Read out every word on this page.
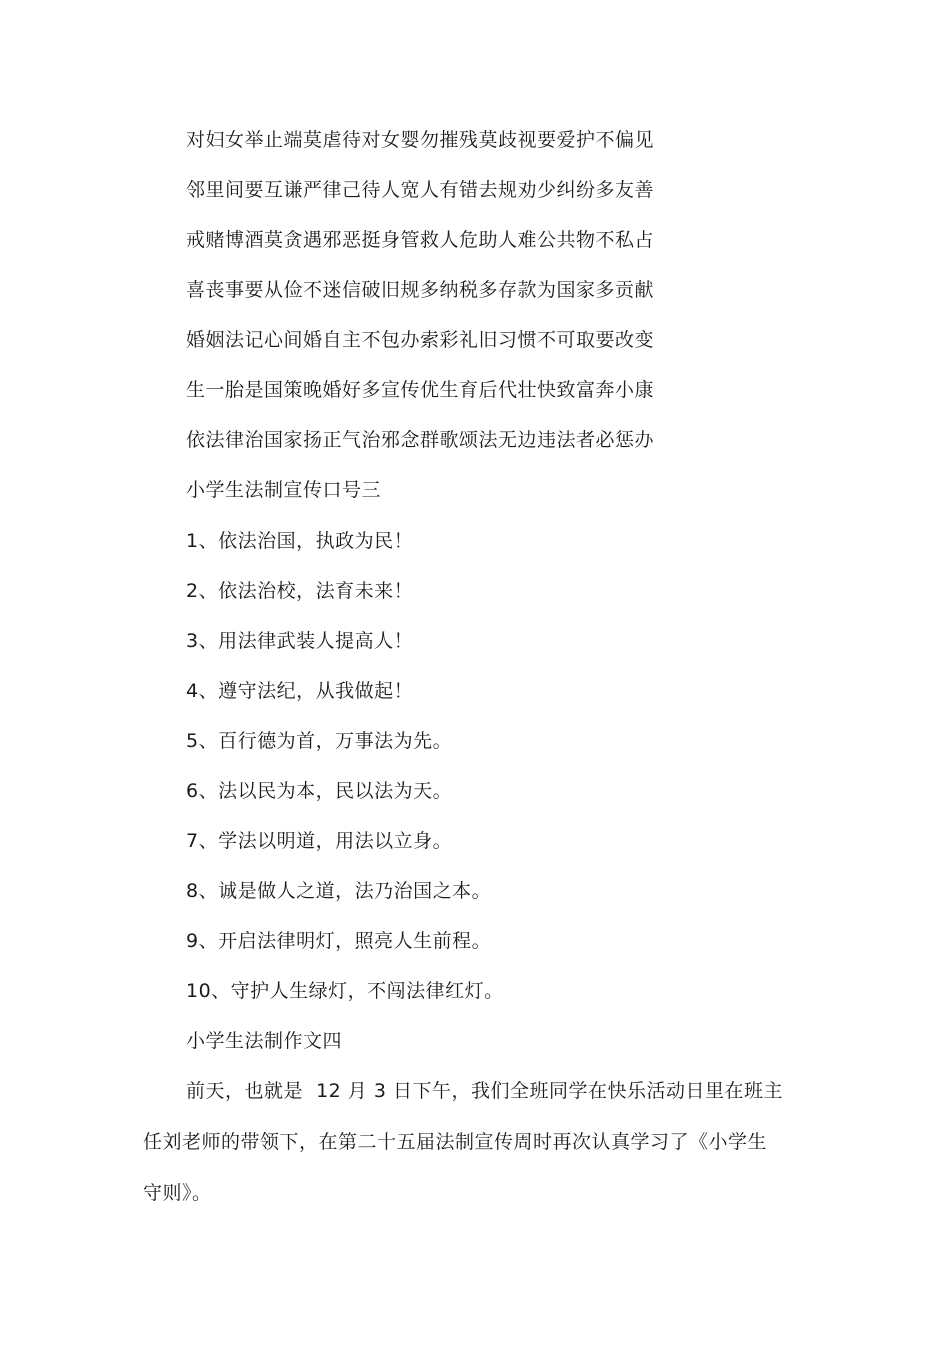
对妇女举止端莫虐待对女婴勿摧残莫歧视要爱护不偏见
邻里间要互谦严律己待人宽人有错去规劝少纠纷多友善
戒赌博酒莫贪遇邪恶挺身管救人危助人难公共物不私占
喜丧事要从俭不迷信破旧规多纳税多存款为国家多贡献
婚姻法记心间婚自主不包办索彩礼旧习惯不可取要改变
生一胎是国策晚婚好多宣传优生育后代壮快致富奔小康
依法律治国家扬正气治邪念群歌颂法无边违法者必惩办
小学生法制宣传口号三
1、依法治国，执政为民！
2、依法治校，法育未来！
3、用法律武装人提高人！
4、遵守法纪，从我做起！
5、百行德为首，万事法为先。
6、法以民为本，民以法为天。
7、学法以明道，用法以立身。
8、诚是做人之道，法乃治国之本。
9、开启法律明灯，照亮人生前程。
10、守护人生绿灯，不闯法律红灯。
小学生法制作文四
前天，也就是  12 月 3 日下午，我们全班同学在快乐活动日里在班主
任刘老师的带领下，在第二十五届法制宣传周时再次认真学习了《小学生
守则》。
